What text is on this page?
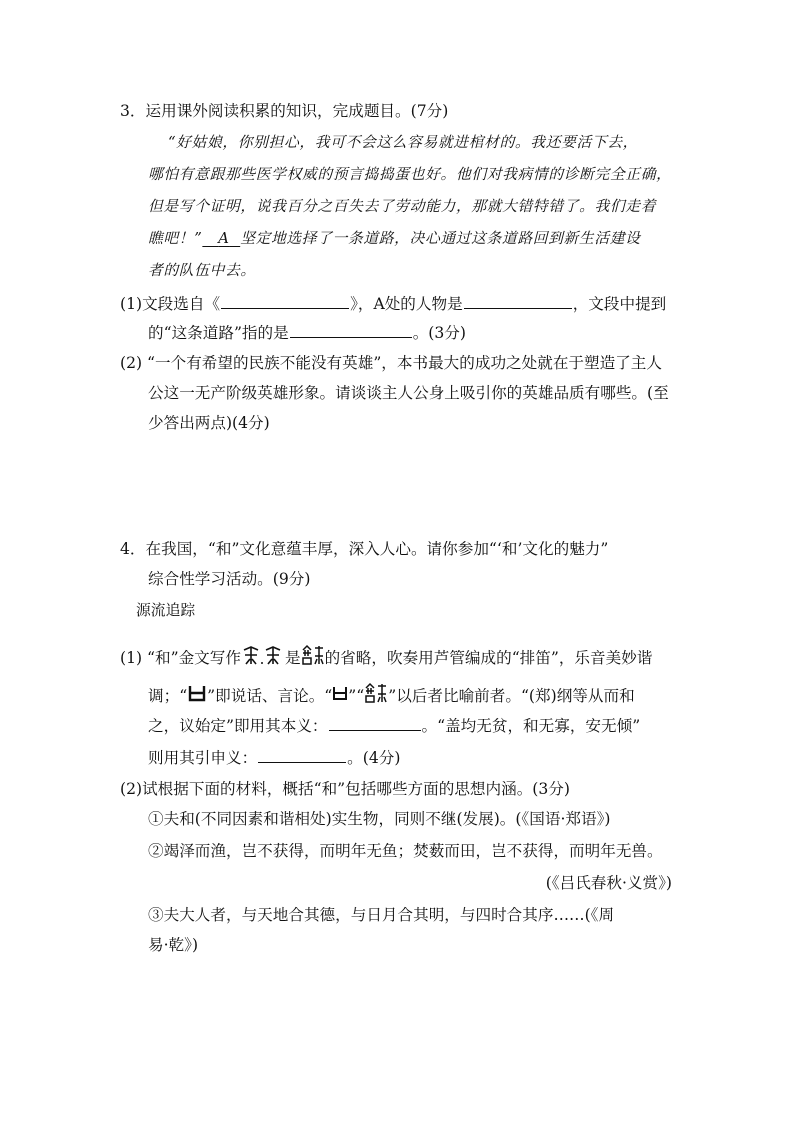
3．运用课外阅读积累的知识，完成题目。(7分)
“好姑娘，你别担心，我可不会这么容易就进棺材的。我还要活下去，
哪怕有意跟那些医学权威的预言捣捣蛋也好。他们对我病情的诊断完全正确，
但是写个证明，说我百分之百失去了劳动能力，那就大错特错了。我们走着
瞧吧！” A 坚定地选择了一条道路，决心通过这条道路回到新生活建设
者的队伍中去。
(1)文段选自《	》，A处的人物是	，文段中提到
的“这条道路”指的是	。(3分)
(2) “一个有希望的民族不能没有英雄”，本书最大的成功之处就在于塑造了主人
公这一无产阶级英雄形象。请谈谈主人公身上吸引你的英雄品质有哪些。(至
少答出两点)(4分)
4．在我国，“和”文化意蕴丰厚，深入人心。请你参加“‘和’文化的魅力”
综合性学习活动。(9分)
源流追踪
(1) “和”金文写作	是 的省略，吹奏用芦管编成的“排笛”，乐音美妙谐
调；“ ”即说话、言论。“ ”“ ”以后者比喻前者。“(郑)纲等从而和
之，议始定”即用其本义：	。“盖均无贫，和无寡，安无倾”
则用其引申义：	。(4分)
(2)试根据下面的材料，概括“和”包括哪些方面的思想内涵。(3分)
①夫和(不同因素和谐相处)实生物，同则不继(发展)。(《国语·郑语》)
②竭泽而渔，岂不获得，而明年无鱼；焚薮而田，岂不获得，而明年无兽。
(《吕氏春秋·义赏》)
③夫大人者，与天地合其德，与日月合其明，与四时合其序……(《周
易·乾》)
